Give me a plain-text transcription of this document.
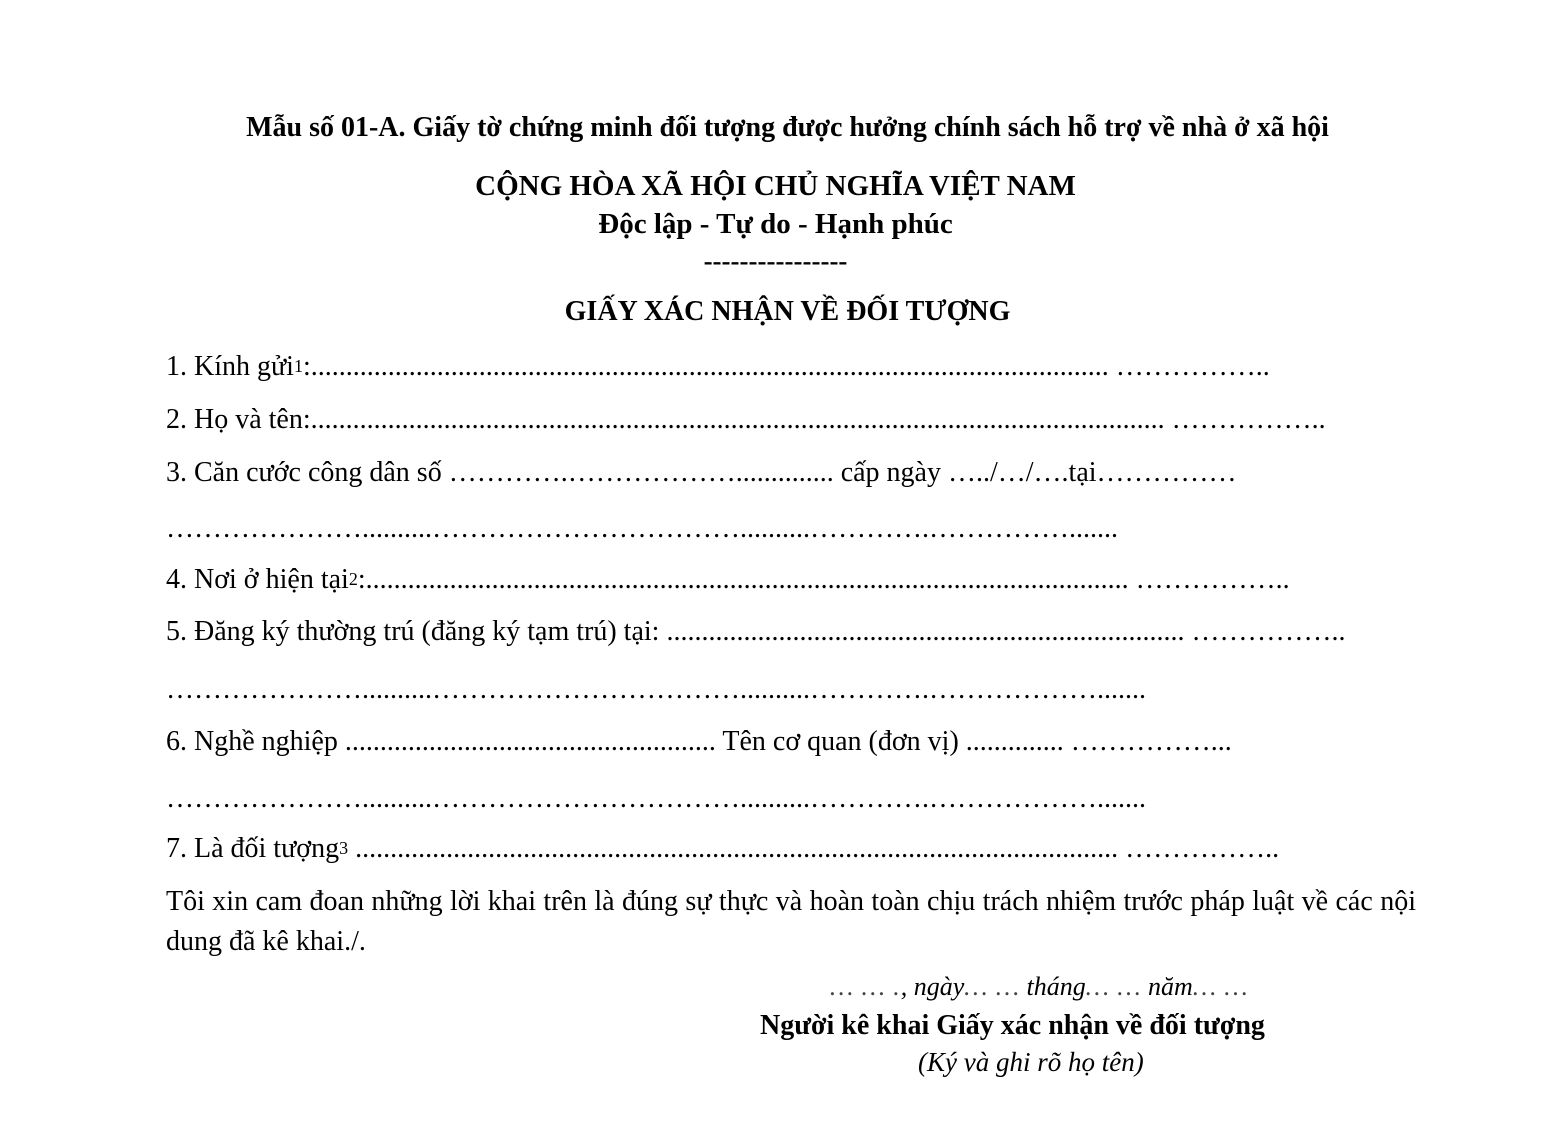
Mẫu số 01-A. Giấy tờ chứng minh đối tượng được hưởng chính sách hỗ trợ về nhà ở xã hội
CỘNG HÒA XÃ HỘI CHỦ NGHĨA VIỆT NAM
Độc lập - Tự do - Hạnh phúc
----------------
GIẤY XÁC NHẬN VỀ ĐỐI TƯỢNG
1. Kính gửi$^1$:.................................................................................................................. ……………..
2. Họ và tên:.......................................................................................................................... ……………..
3. Căn cước công dân số ………….……………….............. cấp ngày …../…/….tại……………
…………………..........……………………………..........………….…………….......
4. Nơi ở hiện tại$^2$:............................................................................................................. ……………..
5. Đăng ký thường trú (đăng ký tạm trú) tại: .......................................................................... ……………..
…………………..........……………………………..........………….……………….......
6. Nghề nghiệp ..................................................... Tên cơ quan (đơn vị) .............. ……………...
…………………..........……………………………..........………….……………….......
7. Là đối tượng$^3$ ............................................................................................................. ……………..
Tôi xin cam đoan những lời khai trên là đúng sự thực và hoàn toàn chịu trách nhiệm trước pháp luật về các nội dung đã kê khai./.
… … ., ngày… … tháng… … năm… …
Người kê khai Giấy xác nhận về đối tượng
(Ký và ghi rõ họ tên)
